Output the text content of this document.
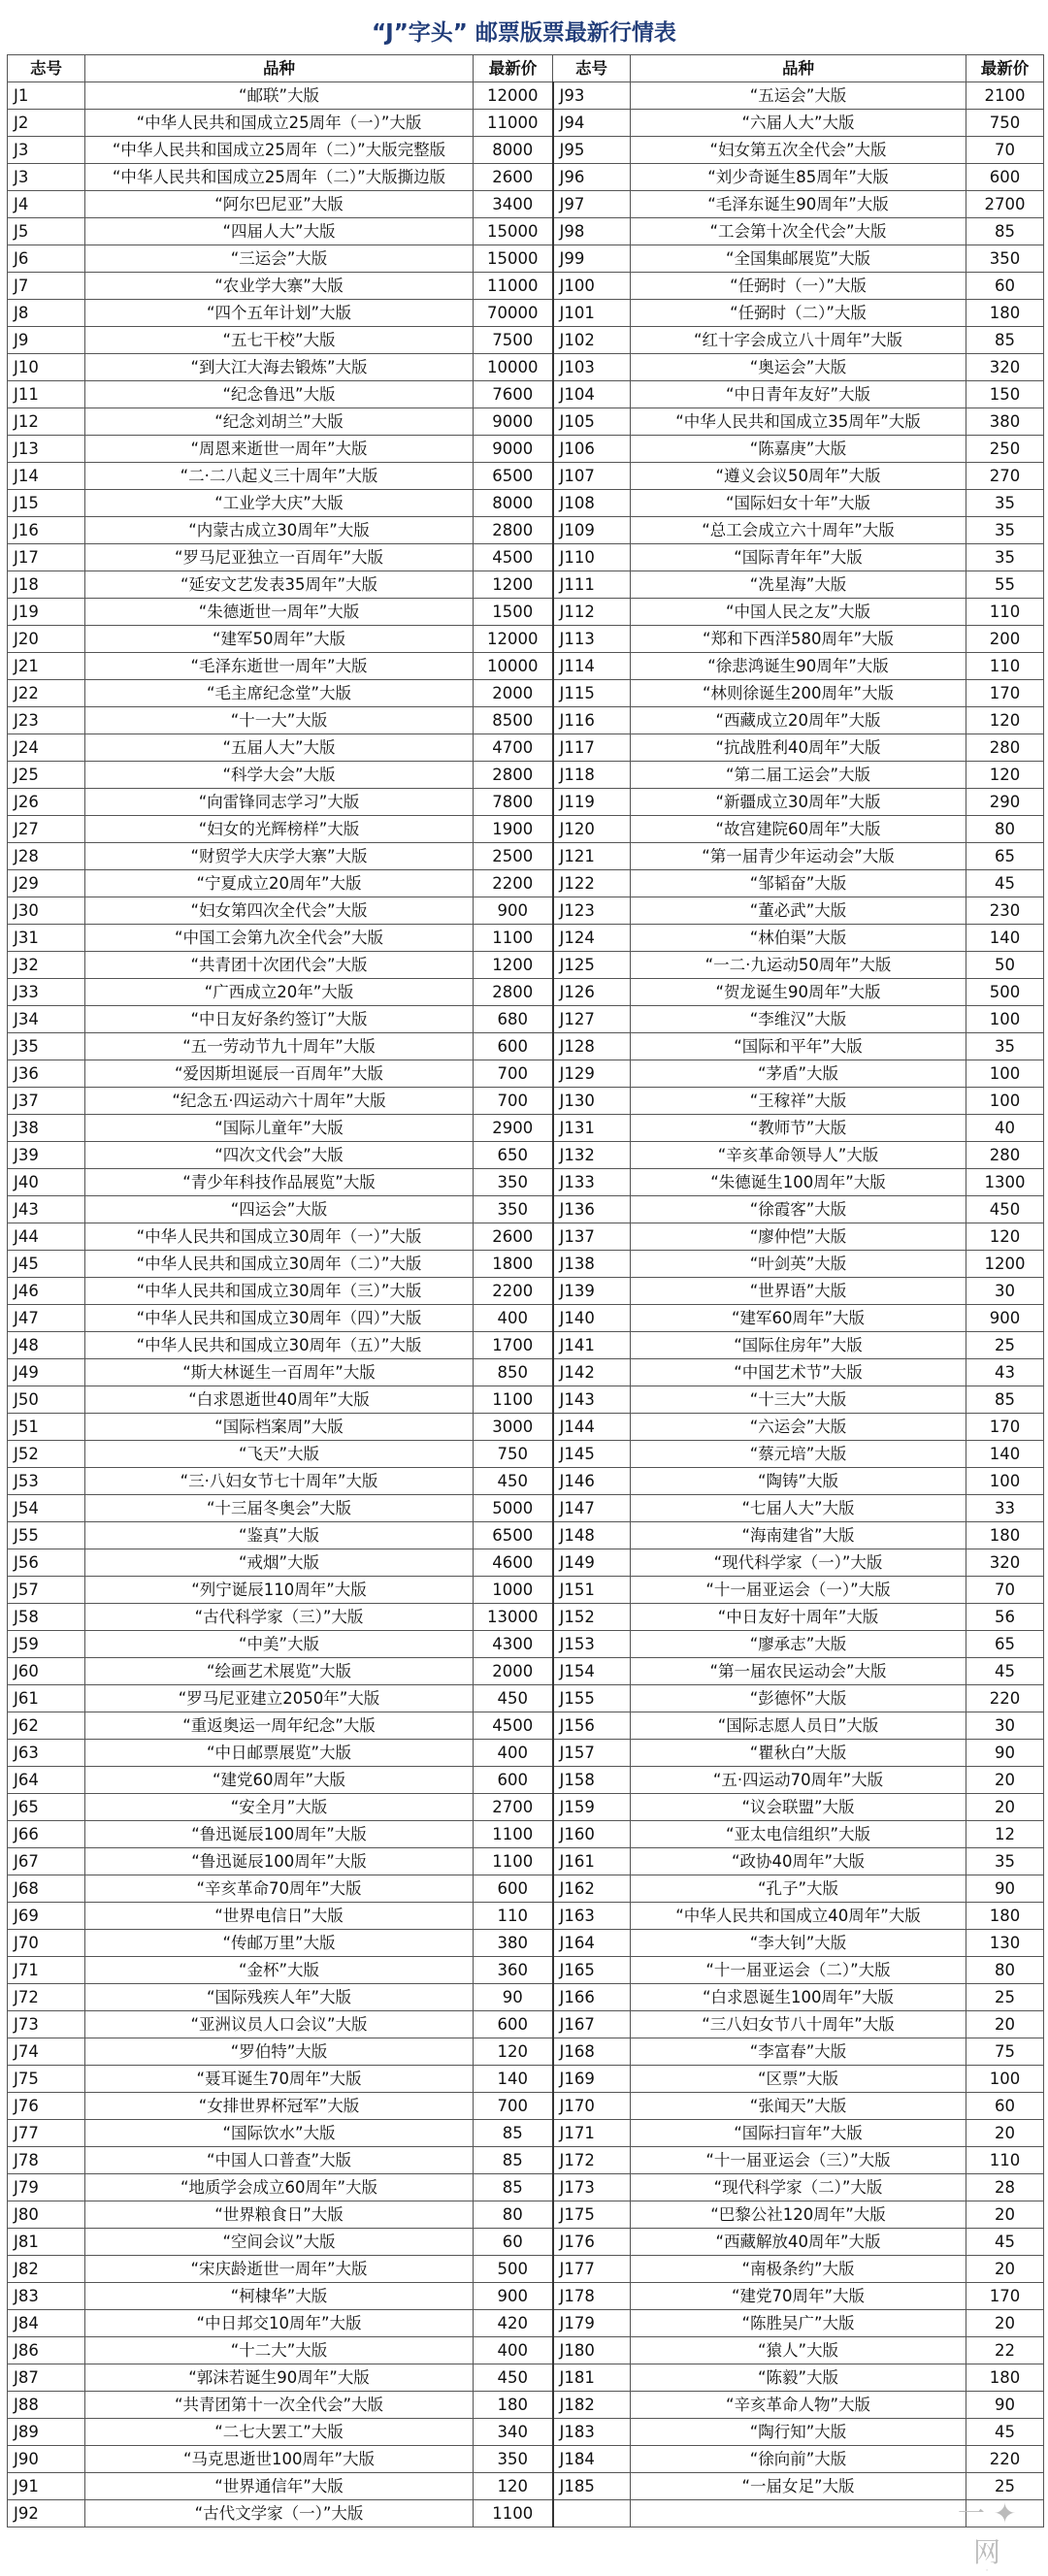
“J”字头” 邮票版票最新行情表
志号	品种	最新价	志号	品种	最新价
J1	“邮联”大版	12000	J93	“五运会”大版	2100
J2	“中华人民共和国成立25周年（一）”大版	11000	J94	“六届人大”大版	750
J3	“中华人民共和国成立25周年（二）”大版完整版	8000	J95	“妇女第五次全代会”大版	70
J3	“中华人民共和国成立25周年（二）”大版撕边版	2600	J96	“刘少奇诞生85周年”大版	600
J4	“阿尔巴尼亚”大版	3400	J97	“毛泽东诞生90周年”大版	2700
J5	“四届人大”大版	15000	J98	“工会第十次全代会”大版	85
J6	“三运会”大版	15000	J99	“全国集邮展览”大版	350
J7	“农业学大寨”大版	11000	J100	“任弼时（一）”大版	60
J8	“四个五年计划”大版	70000	J101	“任弼时（二）”大版	180
J9	“五七干校”大版	7500	J102	“红十字会成立八十周年”大版	85
J10	“到大江大海去锻炼”大版	10000	J103	“奥运会”大版	320
J11	“纪念鲁迅”大版	7600	J104	“中日青年友好”大版	150
J12	“纪念刘胡兰”大版	9000	J105	“中华人民共和国成立35周年”大版	380
J13	“周恩来逝世一周年”大版	9000	J106	“陈嘉庚”大版	250
J14	“二·二八起义三十周年”大版	6500	J107	“遵义会议50周年”大版	270
J15	“工业学大庆”大版	8000	J108	“国际妇女十年”大版	35
J16	“内蒙古成立30周年”大版	2800	J109	“总工会成立六十周年”大版	35
J17	“罗马尼亚独立一百周年”大版	4500	J110	“国际青年年”大版	35
J18	“延安文艺发表35周年”大版	1200	J111	“冼星海”大版	55
J19	“朱德逝世一周年”大版	1500	J112	“中国人民之友”大版	110
J20	“建军50周年”大版	12000	J113	“郑和下西洋580周年”大版	200
J21	“毛泽东逝世一周年”大版	10000	J114	“徐悲鸿诞生90周年”大版	110
J22	“毛主席纪念堂”大版	2000	J115	“林则徐诞生200周年”大版	170
J23	“十一大”大版	8500	J116	“西藏成立20周年”大版	120
J24	“五届人大”大版	4700	J117	“抗战胜利40周年”大版	280
J25	“科学大会”大版	2800	J118	“第二届工运会”大版	120
J26	“向雷锋同志学习”大版	7800	J119	“新疆成立30周年”大版	290
J27	“妇女的光辉榜样”大版	1900	J120	“故宫建院60周年”大版	80
J28	“财贸学大庆学大寨”大版	2500	J121	“第一届青少年运动会”大版	65
J29	“宁夏成立20周年”大版	2200	J122	“邹韬奋”大版	45
J30	“妇女第四次全代会”大版	900	J123	“董必武”大版	230
J31	“中国工会第九次全代会”大版	1100	J124	“林伯渠”大版	140
J32	“共青团十次团代会”大版	1200	J125	“一二·九运动50周年”大版	50
J33	“广西成立20年”大版	2800	J126	“贺龙诞生90周年”大版	500
J34	“中日友好条约签订”大版	680	J127	“李维汉”大版	100
J35	“五一劳动节九十周年”大版	600	J128	“国际和平年”大版	35
J36	“爱因斯坦诞辰一百周年”大版	700	J129	“茅盾”大版	100
J37	“纪念五·四运动六十周年”大版	700	J130	“王稼祥”大版	100
J38	“国际儿童年”大版	2900	J131	“教师节”大版	40
J39	“四次文代会”大版	650	J132	“辛亥革命领导人”大版	280
J40	“青少年科技作品展览”大版	350	J133	“朱德诞生100周年”大版	1300
J43	“四运会”大版	350	J136	“徐霞客”大版	450
J44	“中华人民共和国成立30周年（一）”大版	2600	J137	“廖仲恺”大版	120
J45	“中华人民共和国成立30周年（二）”大版	1800	J138	“叶剑英”大版	1200
J46	“中华人民共和国成立30周年（三）”大版	2200	J139	“世界语”大版	30
J47	“中华人民共和国成立30周年（四）”大版	400	J140	“建军60周年”大版	900
J48	“中华人民共和国成立30周年（五）”大版	1700	J141	“国际住房年”大版	25
J49	“斯大林诞生一百周年”大版	850	J142	“中国艺术节”大版	43
J50	“白求恩逝世40周年”大版	1100	J143	“十三大”大版	85
J51	“国际档案周”大版	3000	J144	“六运会”大版	170
J52	“飞天”大版	750	J145	“蔡元培”大版	140
J53	“三·八妇女节七十周年”大版	450	J146	“陶铸”大版	100
J54	“十三届冬奥会”大版	5000	J147	“七届人大”大版	33
J55	“鉴真”大版	6500	J148	“海南建省”大版	180
J56	“戒烟”大版	4600	J149	“现代科学家（一）”大版	320
J57	“列宁诞辰110周年”大版	1000	J151	“十一届亚运会（一）”大版	70
J58	“古代科学家（三）”大版	13000	J152	“中日友好十周年”大版	56
J59	“中美”大版	4300	J153	“廖承志”大版	65
J60	“绘画艺术展览”大版	2000	J154	“第一届农民运动会”大版	45
J61	“罗马尼亚建立2050年”大版	450	J155	“彭德怀”大版	220
J62	“重返奥运一周年纪念”大版	4500	J156	“国际志愿人员日”大版	30
J63	“中日邮票展览”大版	400	J157	“瞿秋白”大版	90
J64	“建党60周年”大版	600	J158	“五·四运动70周年”大版	20
J65	“安全月”大版	2700	J159	“议会联盟”大版	20
J66	“鲁迅诞辰100周年”大版	1100	J160	“亚太电信组织”大版	12
J67	“鲁迅诞辰100周年”大版	1100	J161	“政协40周年”大版	35
J68	“辛亥革命70周年”大版	600	J162	“孔子”大版	90
J69	“世界电信日”大版	110	J163	“中华人民共和国成立40周年”大版	180
J70	“传邮万里”大版	380	J164	“李大钊”大版	130
J71	“金杯”大版	360	J165	“十一届亚运会（二）”大版	80
J72	“国际残疾人年”大版	90	J166	“白求恩诞生100周年”大版	25
J73	“亚洲议员人口会议”大版	600	J167	“三八妇女节八十周年”大版	20
J74	“罗伯特”大版	120	J168	“李富春”大版	75
J75	“聂耳诞生70周年”大版	140	J169	“区票”大版	100
J76	“女排世界杯冠军”大版	700	J170	“张闻天”大版	60
J77	“国际饮水”大版	85	J171	“国际扫盲年”大版	20
J78	“中国人口普查”大版	85	J172	“十一届亚运会（三）”大版	110
J79	“地质学会成立60周年”大版	85	J173	“现代科学家（二）”大版	28
J80	“世界粮食日”大版	80	J175	“巴黎公社120周年”大版	20
J81	“空间会议”大版	60	J176	“西藏解放40周年”大版	45
J82	“宋庆龄逝世一周年”大版	500	J177	“南极条约”大版	20
J83	“柯棣华”大版	900	J178	“建党70周年”大版	170
J84	“中日邦交10周年”大版	420	J179	“陈胜吴广”大版	20
J86	“十二大”大版	400	J180	“猿人”大版	22
J87	“郭沫若诞生90周年”大版	450	J181	“陈毅”大版	180
J88	“共青团第十一次全代会”大版	180	J182	“辛亥革命人物”大版	90
J89	“二七大罢工”大版	340	J183	“陶行知”大版	45
J90	“马克思逝世100周年”大版	350	J184	“徐向前”大版	220
J91	“世界通信年”大版	120	J185	“一届女足”大版	25
J92	“古代文学家（一）”大版	1100				一 ✦ 网
·
